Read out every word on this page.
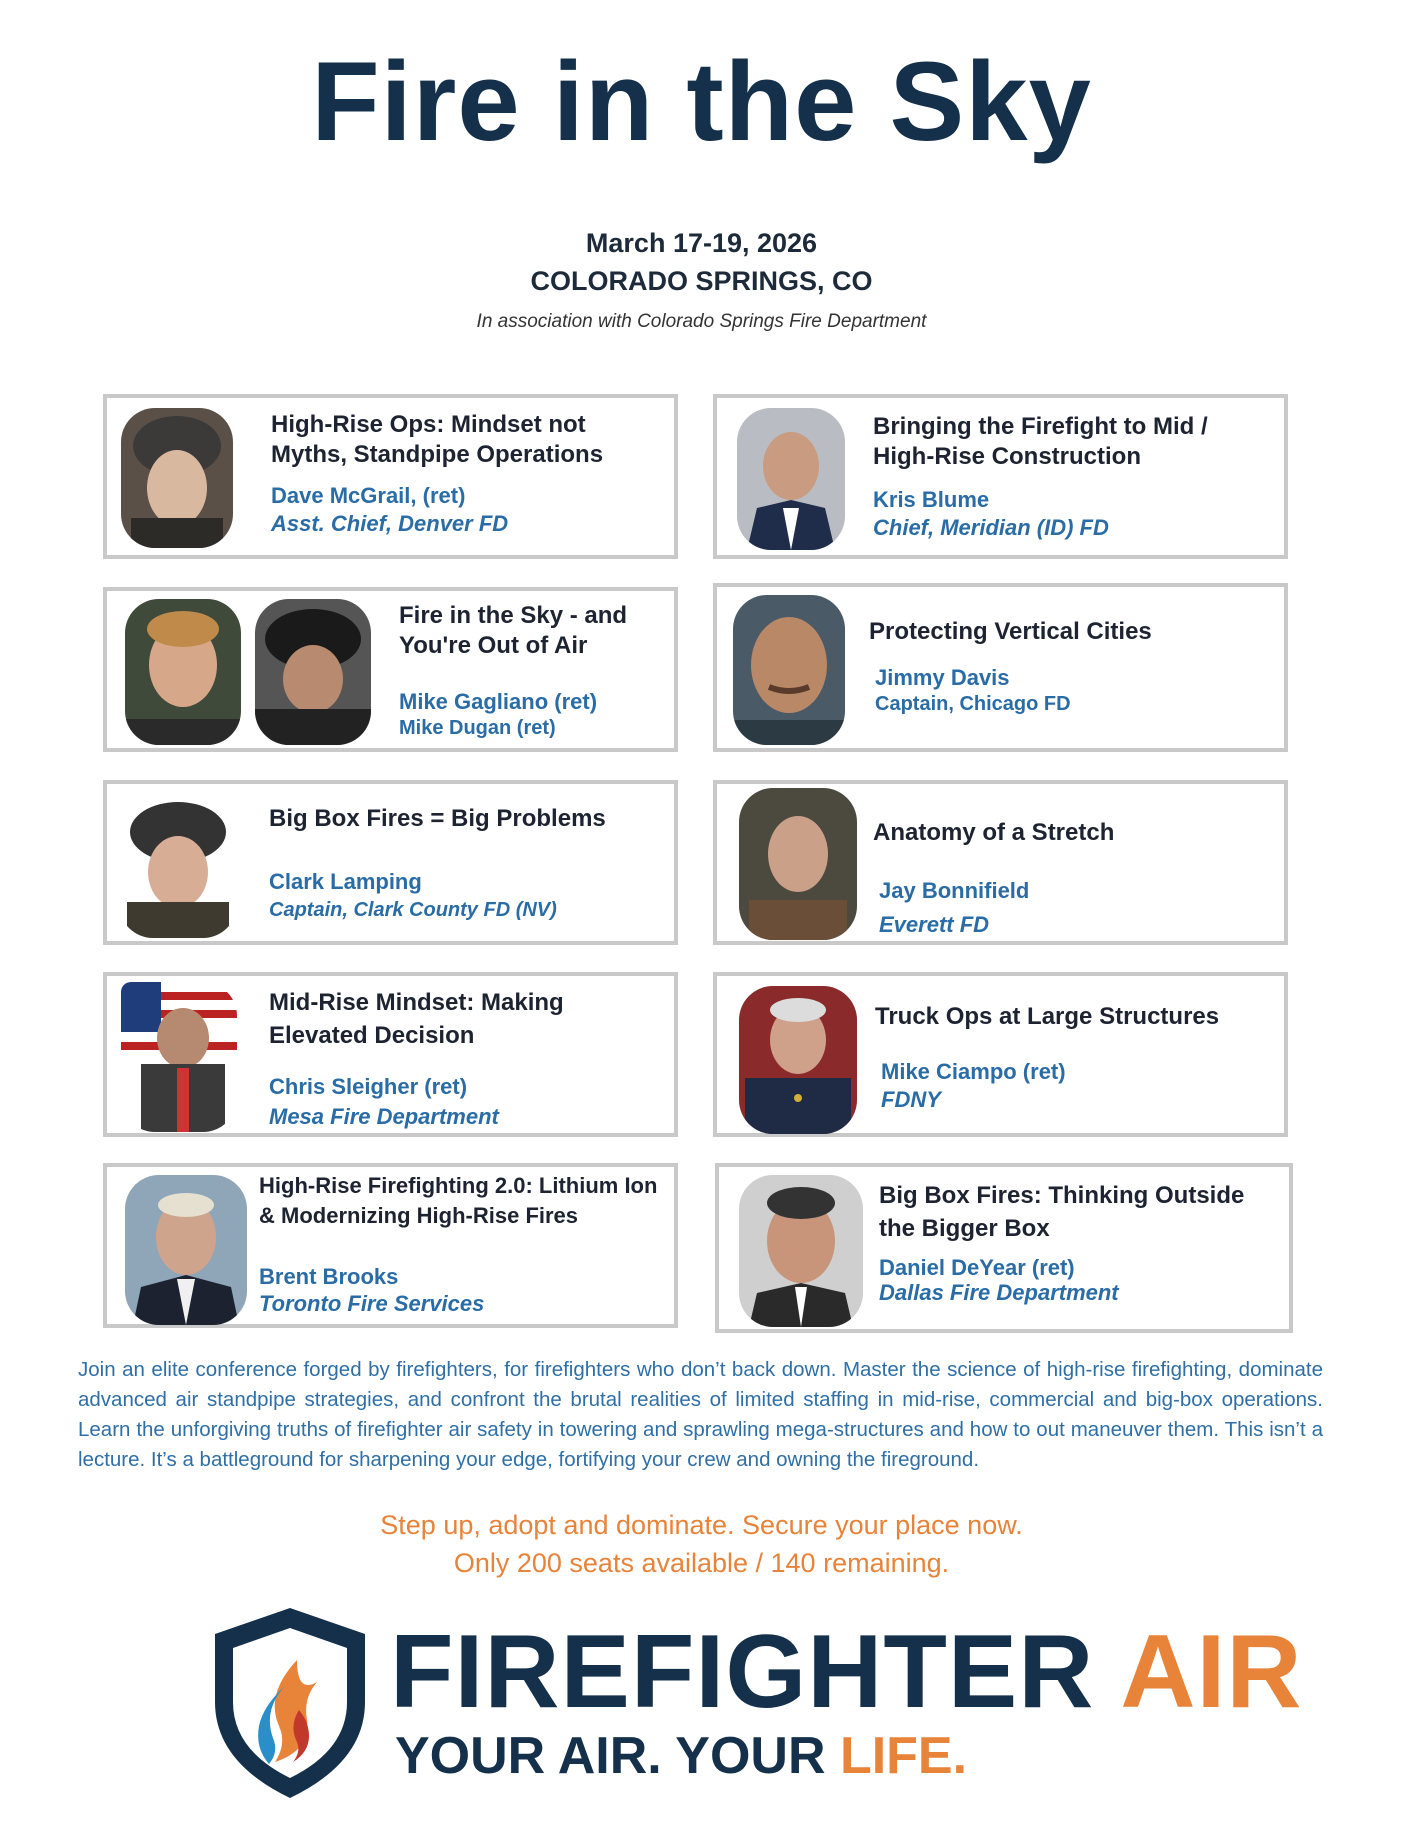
Fire in the Sky
March 17-19, 2026
COLORADO SPRINGS, CO
In association with Colorado Springs Fire Department
High-Rise Ops: Mindset not Myths, Standpipe Operations
Dave McGrail, (ret)
Asst. Chief, Denver FD
Bringing the Firefight to Mid / High-Rise Construction
Kris Blume
Chief, Meridian (ID) FD
Fire in the Sky - and You're Out of Air
Mike Gagliano (ret)
Mike Dugan (ret)
Protecting Vertical Cities
Jimmy Davis
Captain, Chicago FD
Big Box Fires = Big Problems
Clark Lamping
Captain, Clark County FD (NV)
Anatomy of a Stretch
Jay Bonnifield
Everett FD
Mid-Rise Mindset: Making Elevated Decision
Chris Sleigher (ret)
Mesa Fire Department
Truck Ops at Large Structures
Mike Ciampo (ret)
FDNY
High-Rise Firefighting 2.0: Lithium Ion & Modernizing High-Rise Fires
Brent Brooks
Toronto Fire Services
Big Box Fires: Thinking Outside the Bigger Box
Daniel DeYear (ret)
Dallas Fire Department
Join an elite conference forged by firefighters, for firefighters who don’t back down. Master the science of high-rise firefighting, dominate advanced air standpipe strategies, and confront the brutal realities of limited staffing in mid-rise, commercial and big-box operations. Learn the unforgiving truths of firefighter air safety in towering and sprawling mega-structures and how to out maneuver them. This isn’t a lecture. It’s a battleground for sharpening your edge, fortifying your crew and owning the fireground.
Step up, adopt and dominate. Secure your place now.
Only 200 seats available / 140 remaining.
FIREFIGHTER AIR
YOUR AIR. YOUR LIFE.
